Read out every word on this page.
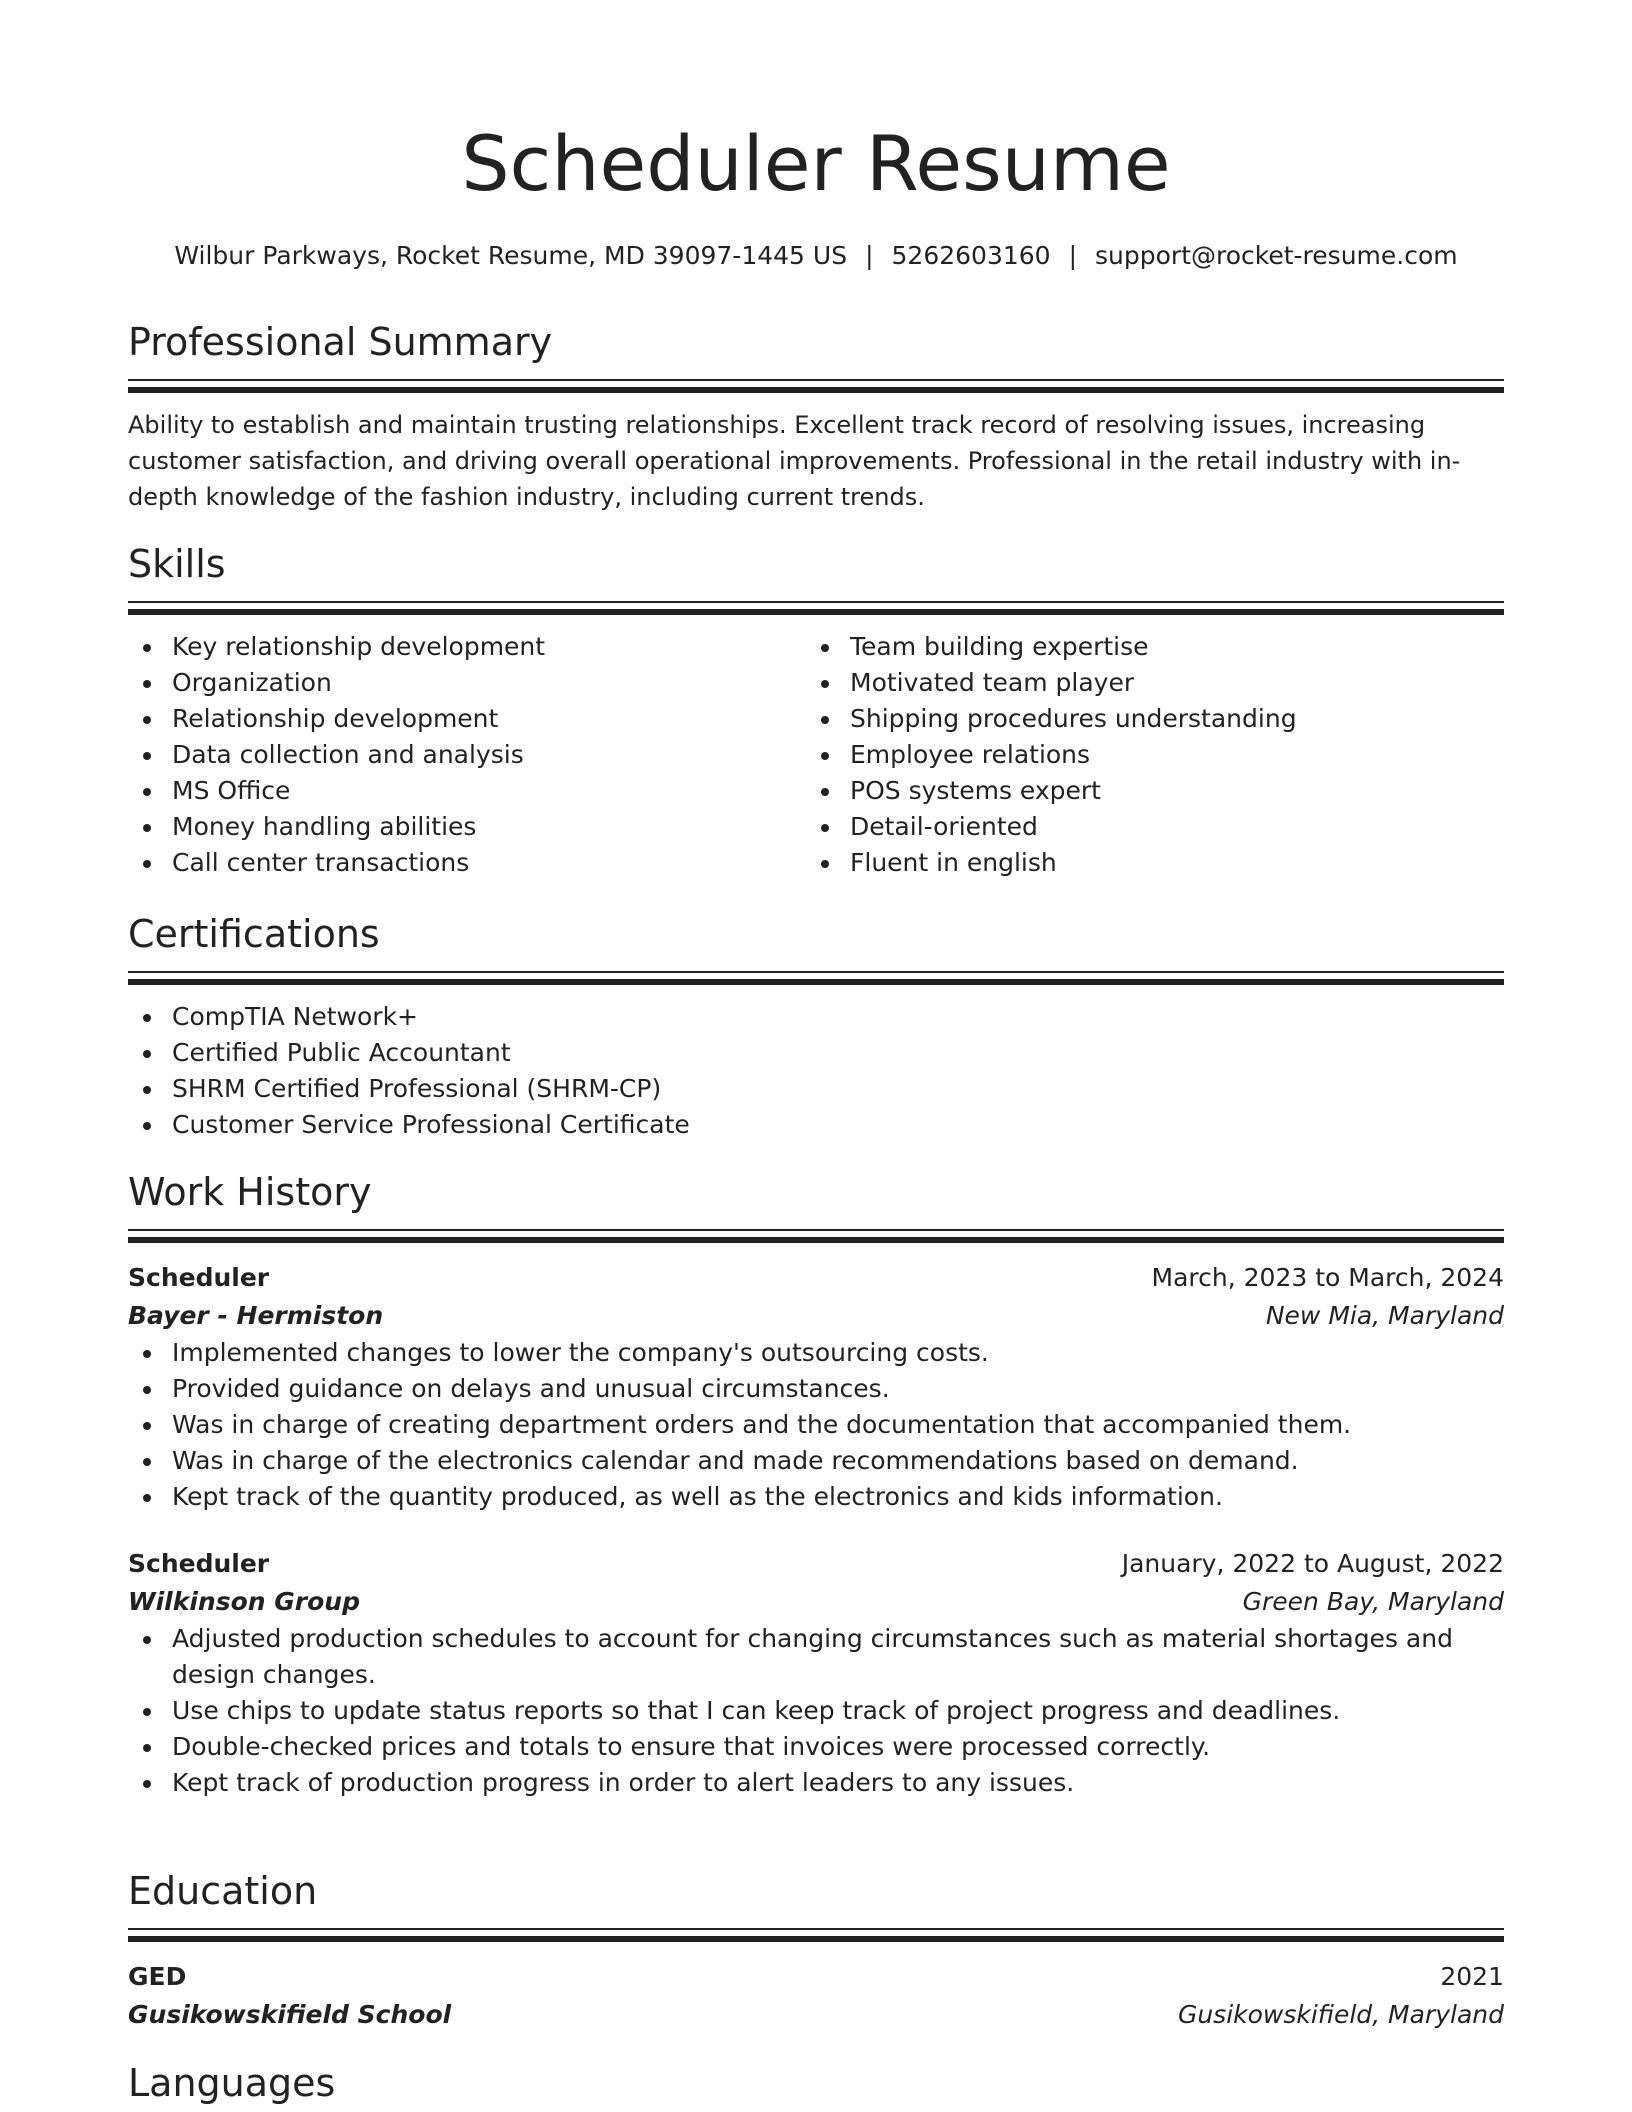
Scheduler Resume
Wilbur Parkways, Rocket Resume, MD 39097-1445 US | 5262603160 | support@rocket-resume.com
Professional Summary
Ability to establish and maintain trusting relationships. Excellent track record of resolving issues, increasing customer satisfaction, and driving overall operational improvements. Professional in the retail industry with in-depth knowledge of the fashion industry, including current trends.
Skills
Key relationship development
Organization
Relationship development
Data collection and analysis
MS Office
Money handling abilities
Call center transactions
Team building expertise
Motivated team player
Shipping procedures understanding
Employee relations
POS systems expert
Detail-oriented
Fluent in english
Certifications
CompTIA Network+
Certified Public Accountant
SHRM Certified Professional (SHRM-CP)
Customer Service Professional Certificate
Work History
Scheduler	March, 2023 to March, 2024
Bayer - Hermiston	New Mia, Maryland
Implemented changes to lower the company's outsourcing costs.
Provided guidance on delays and unusual circumstances.
Was in charge of creating department orders and the documentation that accompanied them.
Was in charge of the electronics calendar and made recommendations based on demand.
Kept track of the quantity produced, as well as the electronics and kids information.
Scheduler	January, 2022 to August, 2022
Wilkinson Group	Green Bay, Maryland
Adjusted production schedules to account for changing circumstances such as material shortages and design changes.
Use chips to update status reports so that I can keep track of project progress and deadlines.
Double-checked prices and totals to ensure that invoices were processed correctly.
Kept track of production progress in order to alert leaders to any issues.
Education
GED	2021
Gusikowskifield School	Gusikowskifield, Maryland
Languages
